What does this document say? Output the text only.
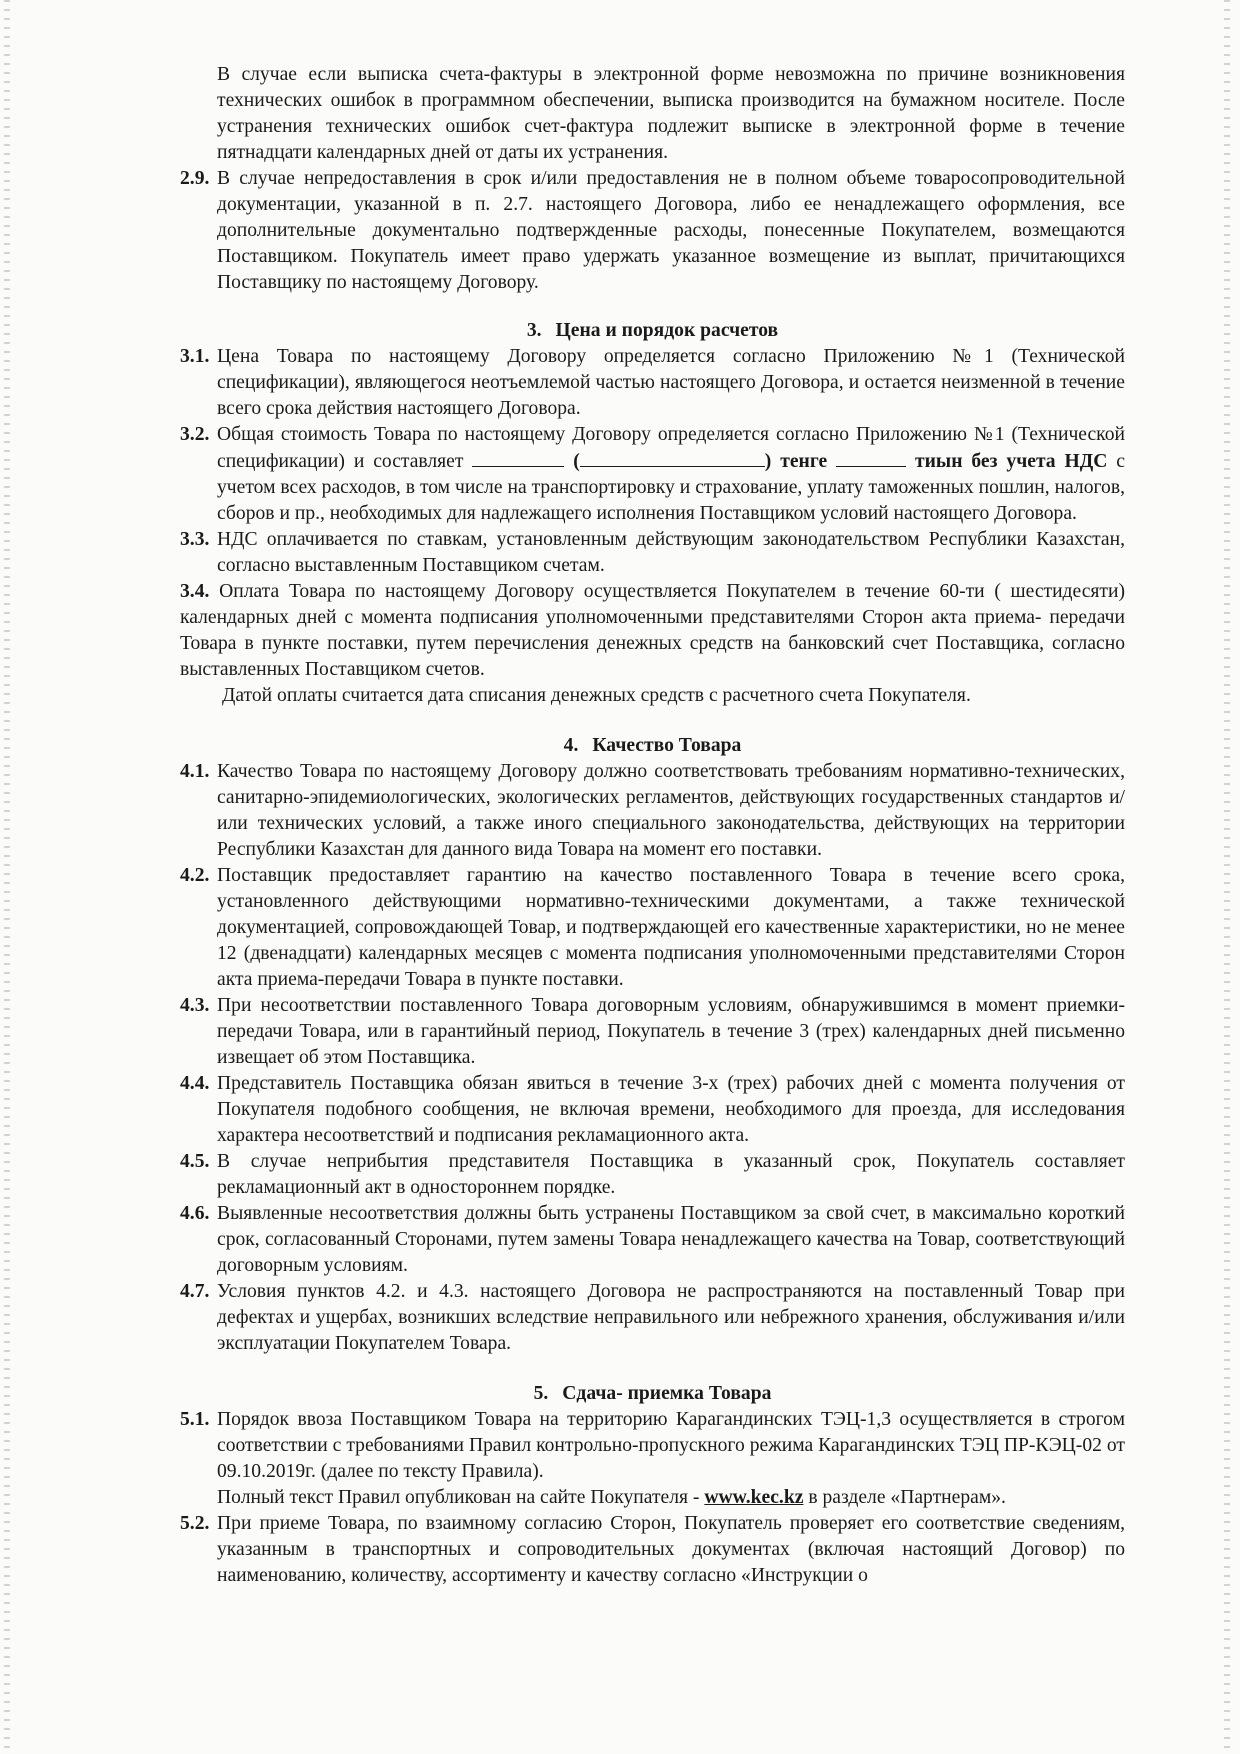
В случае если выписка счета-фактуры в электронной форме невозможна по причине возникновения технических ошибок в программном обеспечении, выписка производится на бумажном носителе. После устранения технических ошибок счет-фактура подлежит выписке в электронной форме в течение пятнадцати календарных дней от даты их устранения.

2.9. В случае непредоставления в срок и/или предоставления не в полном объеме товаросопроводительной документации, указанной в п. 2.7. настоящего Договора, либо ее ненадлежащего оформления, все дополнительные документально подтвержденные расходы, понесенные Покупателем, возмещаются Поставщиком. Покупатель имеет право удержать указанное возмещение из выплат, причитающихся Поставщику по настоящему Договору.
3. Цена и порядок расчетов
3.1. Цена Товара по настоящему Договору определяется согласно Приложению №1 (Технической спецификации), являющегося неотъемлемой частью настоящего Договора, и остается неизменной в течение всего срока действия настоящего Договора.
3.2. Общая стоимость Товара по настоящему Договору определяется согласно Приложению №1 (Технической спецификации) и составляет	(	) тенге	тиын без учета НДС с учетом всех расходов, в том числе на транспортировку и страхование, уплату таможенных пошлин, налогов, сборов и пр., необходимых для надлежащего исполнения Поставщиком условий настоящего Договора.
3.3. НДС оплачивается по ставкам, установленным действующим законодательством Республики Казахстан, согласно выставленным Поставщиком счетам.

3.4. Оплата Товара по настоящему Договору осуществляется Покупателем в течение 60-ти ( шестидесяти) календарных дней с момента подписания уполномоченными представителями Сторон акта приема- передачи Товара в пункте поставки, путем перечисления денежных средств на банковский счет Поставщика, согласно выставленных Поставщиком счетов.

Датой оплаты считается дата списания денежных средств с расчетного счета Покупателя.

4. Качество Товара
4.1. Качество Товара по настоящему Договору должно соответствовать требованиям нормативно-технических, санитарно-эпидемиологических, экологических регламентов, действующих государственных стандартов и/или технических условий, а также иного специального законодательства, действующих на территории Республики Казахстан для данного вида Товара на момент его поставки.
4.2. Поставщик предоставляет гарантию на качество поставленного Товара в течение всего срока, установленного действующими нормативно-техническими документами, а также технической документацией, сопровождающей Товар, и подтверждающей его качественные характеристики, но не менее 12 (двенадцати) календарных месяцев с момента подписания уполномоченными представителями Сторон акта приема-передачи Товара в пункте поставки.
4.3. При несоответствии поставленного Товара договорным условиям, обнаружившимся в момент приемки-передачи Товара, или в гарантийный период, Покупатель в течение 3 (трех) календарных дней письменно извещает об этом Поставщика.
4.4. Представитель Поставщика обязан явиться в течение 3-х (трех) рабочих дней с момента получения от Покупателя подобного сообщения, не включая времени, необходимого для проезда, для исследования характера несоответствий и подписания рекламационного акта.
4.5. В случае неприбытия представителя Поставщика в указанный срок, Покупатель составляет рекламационный акт в одностороннем порядке.
4.6. Выявленные несоответствия должны быть устранены Поставщиком за свой счет, в максимально короткий срок, согласованный Сторонами, путем замены Товара ненадлежащего качества на Товар, соответствующий договорным условиям.
4.7. Условия пунктов 4.2. и 4.3. настоящего Договора не распространяются на поставленный Товар при дефектах и ущербах, возникших вследствие неправильного или небрежного хранения, обслуживания и/или эксплуатации Покупателем Товара.
5. Сдача- приемка Товара
5.1. Порядок ввоза Поставщиком Товара на территорию Карагандинских ТЭЦ-1,3 осуществляется в строгом соответствии с требованиями Правил контрольно-пропускного режима Карагандинских ТЭЦ ПР-КЭЦ-02 от 09.10.2019г. (далее по тексту Правила).
Полный текст Правил опубликован на сайте Покупателя - www.kec.kz в разделе «Партнерам».
5.2. При приеме Товара, по взаимному согласию Сторон, Покупатель проверяет его соответствие сведениям, указанным в транспортных и сопроводительных документах (включая настоящий Договор) по наименованию, количеству, ассортименту и качеству согласно «Инструкции о
